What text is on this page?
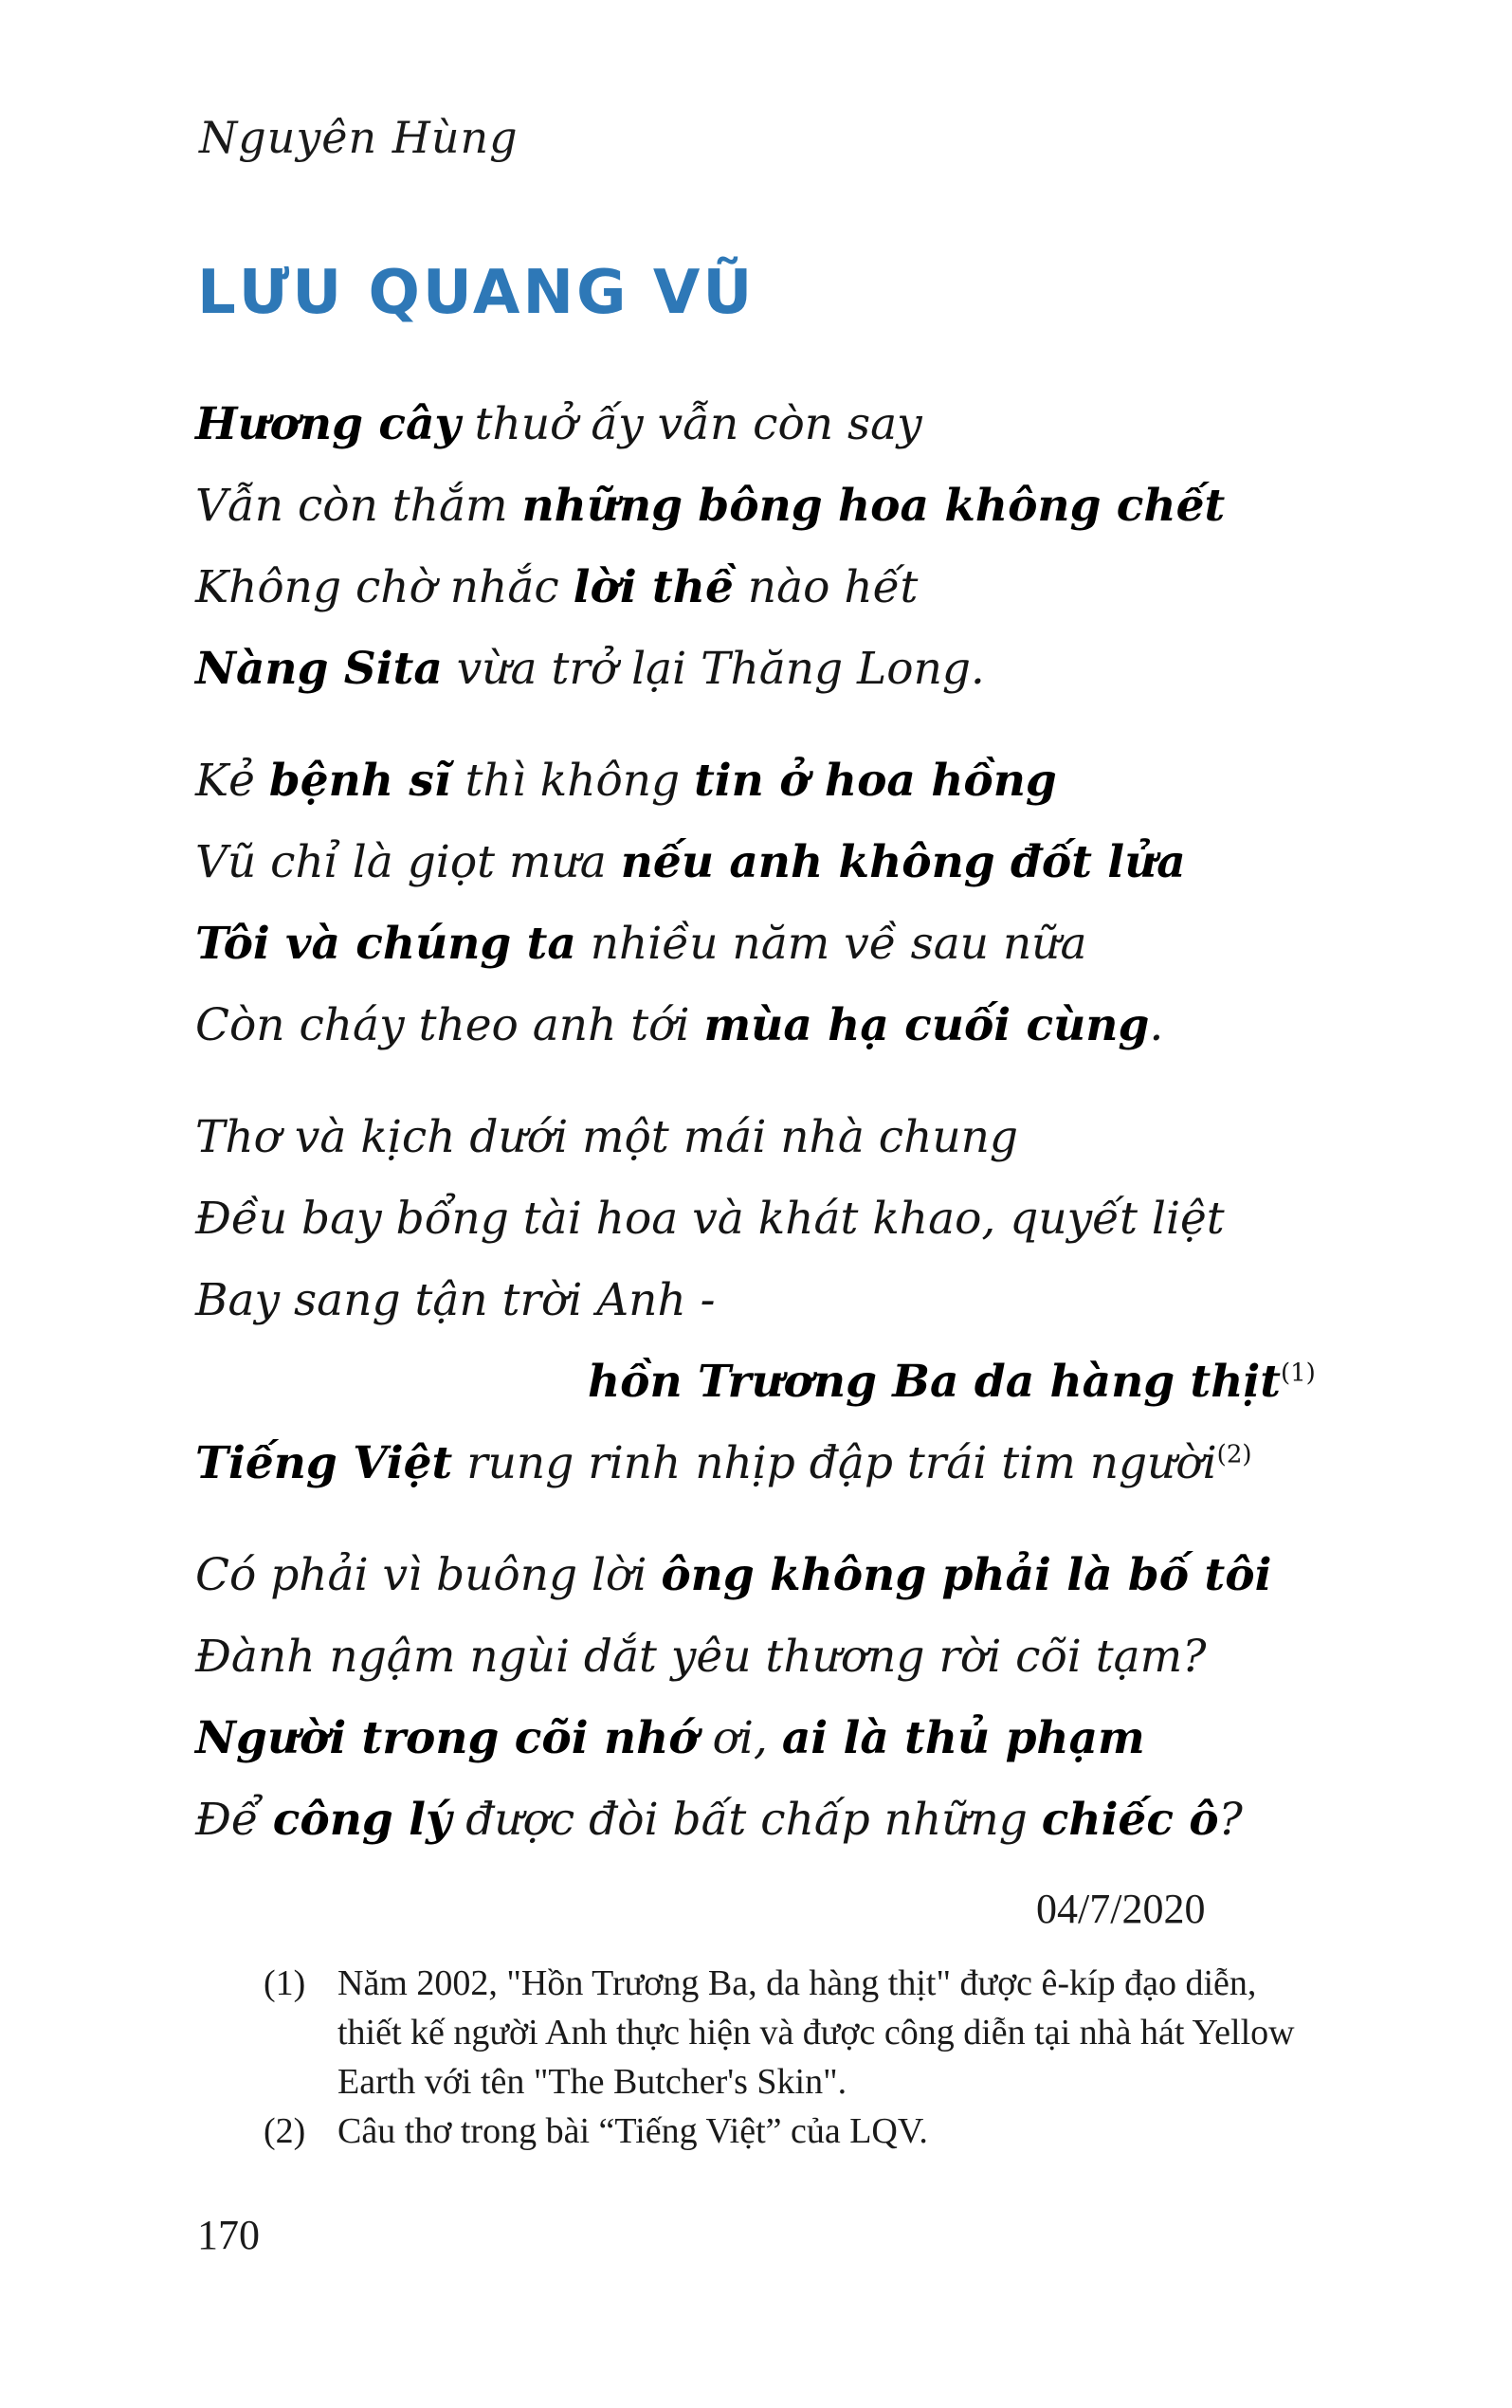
Nguyên Hùng
LƯU QUANG VŨ
Hương cây thuở ấy vẫn còn say
Vẫn còn thắm những bông hoa không chết
Không chờ nhắc lời thề nào hết
Nàng Sita vừa trở lại Thăng Long.
Kẻ bệnh sĩ thì không tin ở hoa hồng
Vũ chỉ là giọt mưa nếu anh không đốt lửa
Tôi và chúng ta nhiều năm về sau nữa
Còn cháy theo anh tới mùa hạ cuối cùng.
Thơ và kịch dưới một mái nhà chung
Đều bay bổng tài hoa và khát khao, quyết liệt
Bay sang tận trời Anh -
hồn Trương Ba da hàng thịt$^{(1)}$
Tiếng Việt rung rinh nhịp đập trái tim người$^{(2)}$
Có phải vì buông lời ông không phải là bố tôi
Đành ngậm ngùi dắt yêu thương rời cõi tạm?
Người trong cõi nhớ ơi, ai là thủ phạm
Để công lý được đòi bất chấp những chiếc ô?
04/7/2020
(1) Năm 2002, "Hồn Trương Ba, da hàng thịt" được ê-kíp đạo diễn, thiết kế người Anh thực hiện và được công diễn tại nhà hát Yellow Earth với tên "The Butcher's Skin".
(2) Câu thơ trong bài “Tiếng Việt” của LQV.
170
